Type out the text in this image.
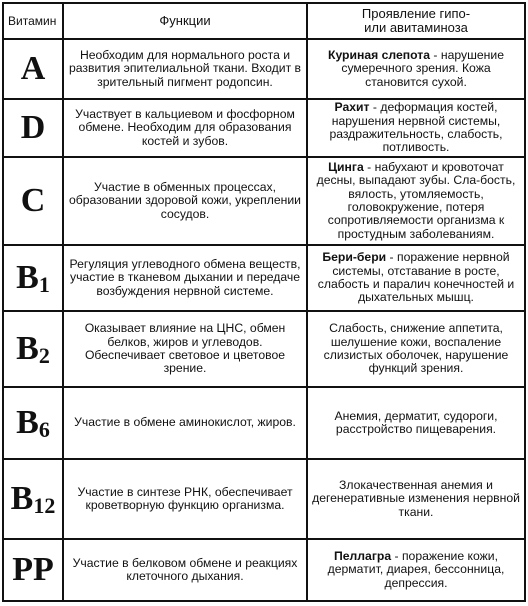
Витамин	Функции	Проявление гипо-
или авитаминоза
A	Необходим для нормального роста и развития эпителиальной ткани. Входит в зрительный пигмент родопсин.	Куриная слепота - нарушение сумеречного зрения. Кожа становится сухой.
D	Участвует в кальциевом и фосфорном обмене. Необходим для образования костей и зубов.	Рахит - деформация костей, нарушения нервной системы, раздражительность, слабость, потливость.
C	Участие в обменных процессах, образовании здоровой кожи, укреплении сосудов.	Цинга - набухают и кровоточат десны, выпадают зубы. Сла-бость, вялость, утомляемость, головокружение, потеря сопротивляемости организма к простудным заболеваниям.
B1	Регуляция углеводного обмена веществ, участие в тканевом дыхании и передаче возбуждения нервной системе.	Бери-бери - поражение нервной системы, отставание в росте, слабость и паралич конечностей и дыхательных мышц.
B2	Оказывает влияние на ЦНС, обмен белков, жиров и углеводов. Обеспечивает световое и цветовое зрение.	Слабость, снижение аппетита, шелушение кожи, воспаление слизистых оболочек, нарушение функций зрения.
B6	Участие в обмене аминокислот, жиров.	Анемия, дерматит, судороги, расстройство пищеварения.
B12	Участие в синтезе РНК, обеспечивает кроветворную функцию организма.	Злокачественная анемия и дегенеративные изменения нервной ткани.
PP	Участие в белковом обмене и реакциях клеточного дыхания.	Пеллагра - поражение кожи, дерматит, диарея, бессонница, депрессия.
